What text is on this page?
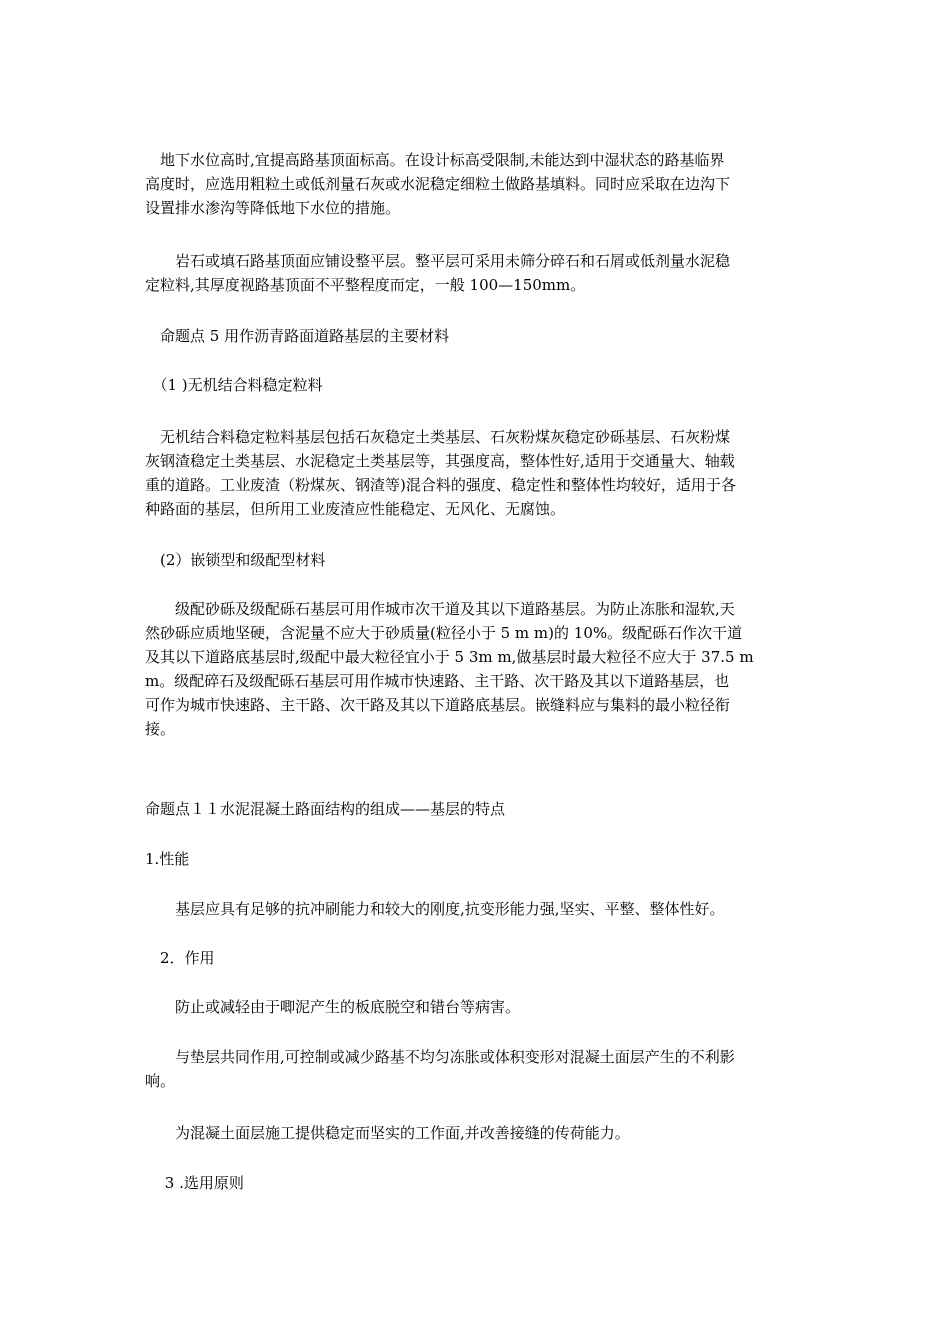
　地下水位高时,宜提高路基顶面标高。在设计标高受限制,未能达到中湿状态的路基临界
高度时，应选用粗粒土或低剂量石灰或水泥稳定细粒土做路基填料。同时应采取在边沟下
设置排水渗沟等降低地下水位的措施。

　　岩石或填石路基顶面应铺设整平层。整平层可采用未筛分碎石和石屑或低剂量水泥稳
定粒料,其厚度视路基顶面不平整程度而定，一般 100—150mm。

　命题点 5 用作沥青路面道路基层的主要材料

　（1 )无机结合料稳定粒料

　无机结合料稳定粒料基层包括石灰稳定土类基层、石灰粉煤灰稳定砂砾基层、石灰粉煤
灰钢渣稳定土类基层、水泥稳定土类基层等，其强度高，整体性好,适用于交通量大、轴载
重的道路。工业废渣（粉煤灰、钢渣等)混合料的强度、稳定性和整体性均较好，适用于各
种路面的基层，但所用工业废渣应性能稳定、无风化、无腐蚀。

　(2）嵌锁型和级配型材料

　　级配砂砾及级配砾石基层可用作城市次干道及其以下道路基层。为防止冻胀和湿软,天
然砂砾应质地坚硬，含泥量不应大于砂质量(粒径小于 5 m m)的 10%。级配砾石作次干道
及其以下道路底基层时,级配中最大粒径宜小于 5 3m m,做基层时最大粒径不应大于 37.5 m
m。级配碎石及级配砾石基层可用作城市快速路、主干路、次干路及其以下道路基层，也
可作为城市快速路、主干路、次干路及其以下道路底基层。嵌缝料应与集料的最小粒径衔
接。

命题点１１水泥混凝土路面结构的组成——基层的特点

1.性能

　　基层应具有足够的抗冲刷能力和较大的刚度,抗变形能力强,坚实、平整、整体性好。

　2．作用

　　防止或减轻由于唧泥产生的板底脱空和错台等病害。

　　与垫层共同作用,可控制或减少路基不均匀冻胀或体积变形对混凝土面层产生的不利影
响。

　　为混凝土面层施工提供稳定而坚实的工作面,并改善接缝的传荷能力。

　 3 .选用原则
